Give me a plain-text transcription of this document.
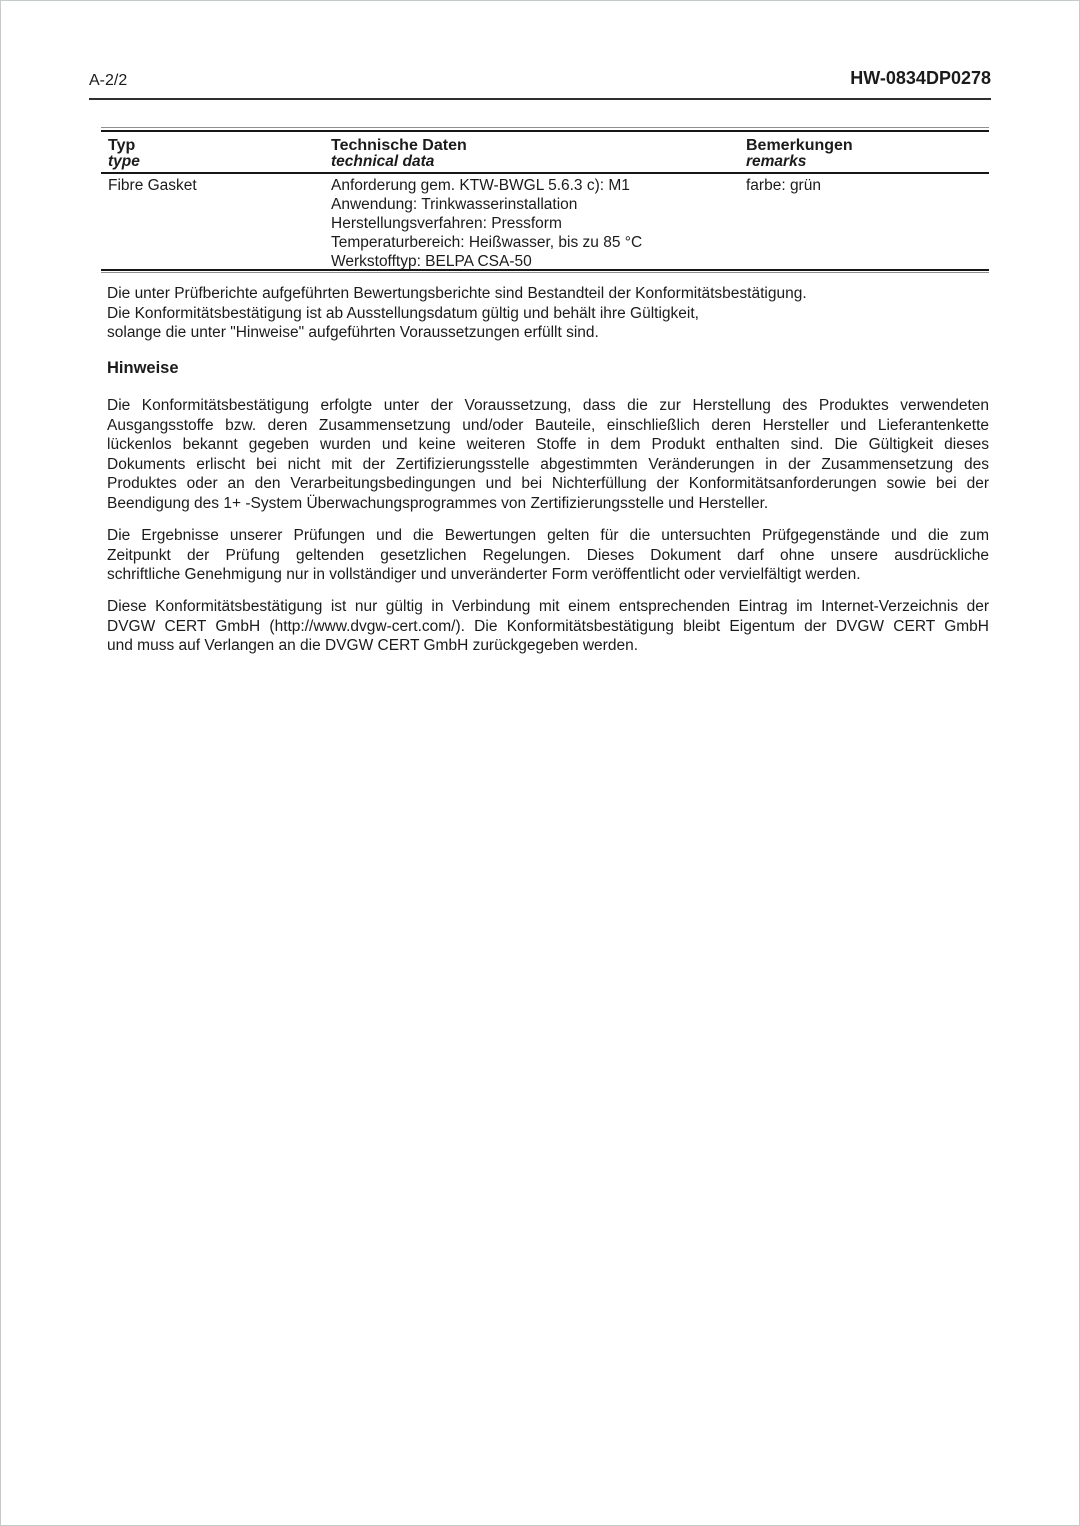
A-2/2	HW-0834DP0278
Typ
type
Technische Daten
technical data
Bemerkungen
remarks
Fibre Gasket	Anforderung gem. KTW-BWGL 5.6.3 c): M1
Anwendung: Trinkwasserinstallation
Herstellungsverfahren: Pressform
Temperaturbereich: Heißwasser, bis zu 85 °C
Werkstofftyp: BELPA CSA-50
farbe: grün
Die unter Prüfberichte aufgeführten Bewertungsberichte sind Bestandteil der Konformitätsbestätigung.
Die Konformitätsbestätigung ist ab Ausstellungsdatum gültig und behält ihre Gültigkeit,
solange die unter "Hinweise" aufgeführten Voraussetzungen erfüllt sind.
Hinweise
Die Konformitätsbestätigung erfolgte unter der Voraussetzung, dass die zur Herstellung des Produktes verwendeten
Ausgangsstoffe bzw. deren Zusammensetzung und/oder Bauteile, einschließlich deren Hersteller und Lieferantenkette
lückenlos bekannt gegeben wurden und keine weiteren Stoffe in dem Produkt enthalten sind. Die Gültigkeit dieses
Dokuments erlischt bei nicht mit der Zertifizierungsstelle abgestimmten Veränderungen in der Zusammensetzung des
Produktes oder an den Verarbeitungsbedingungen und bei Nichterfüllung der Konformitätsanforderungen sowie bei der
Beendigung des 1+ -System Überwachungsprogrammes von Zertifizierungsstelle und Hersteller.
Die Ergebnisse unserer Prüfungen und die Bewertungen gelten für die untersuchten Prüfgegenstände und die zum
Zeitpunkt der Prüfung geltenden gesetzlichen Regelungen. Dieses Dokument darf ohne unsere ausdrückliche
schriftliche Genehmigung nur in vollständiger und unveränderter Form veröffentlicht oder vervielfältigt werden.
Diese Konformitätsbestätigung ist nur gültig in Verbindung mit einem entsprechenden Eintrag im Internet-Verzeichnis der
DVGW CERT GmbH (http://www.dvgw-cert.com/). Die Konformitätsbestätigung bleibt Eigentum der DVGW CERT GmbH
und muss auf Verlangen an die DVGW CERT GmbH zurückgegeben werden.
